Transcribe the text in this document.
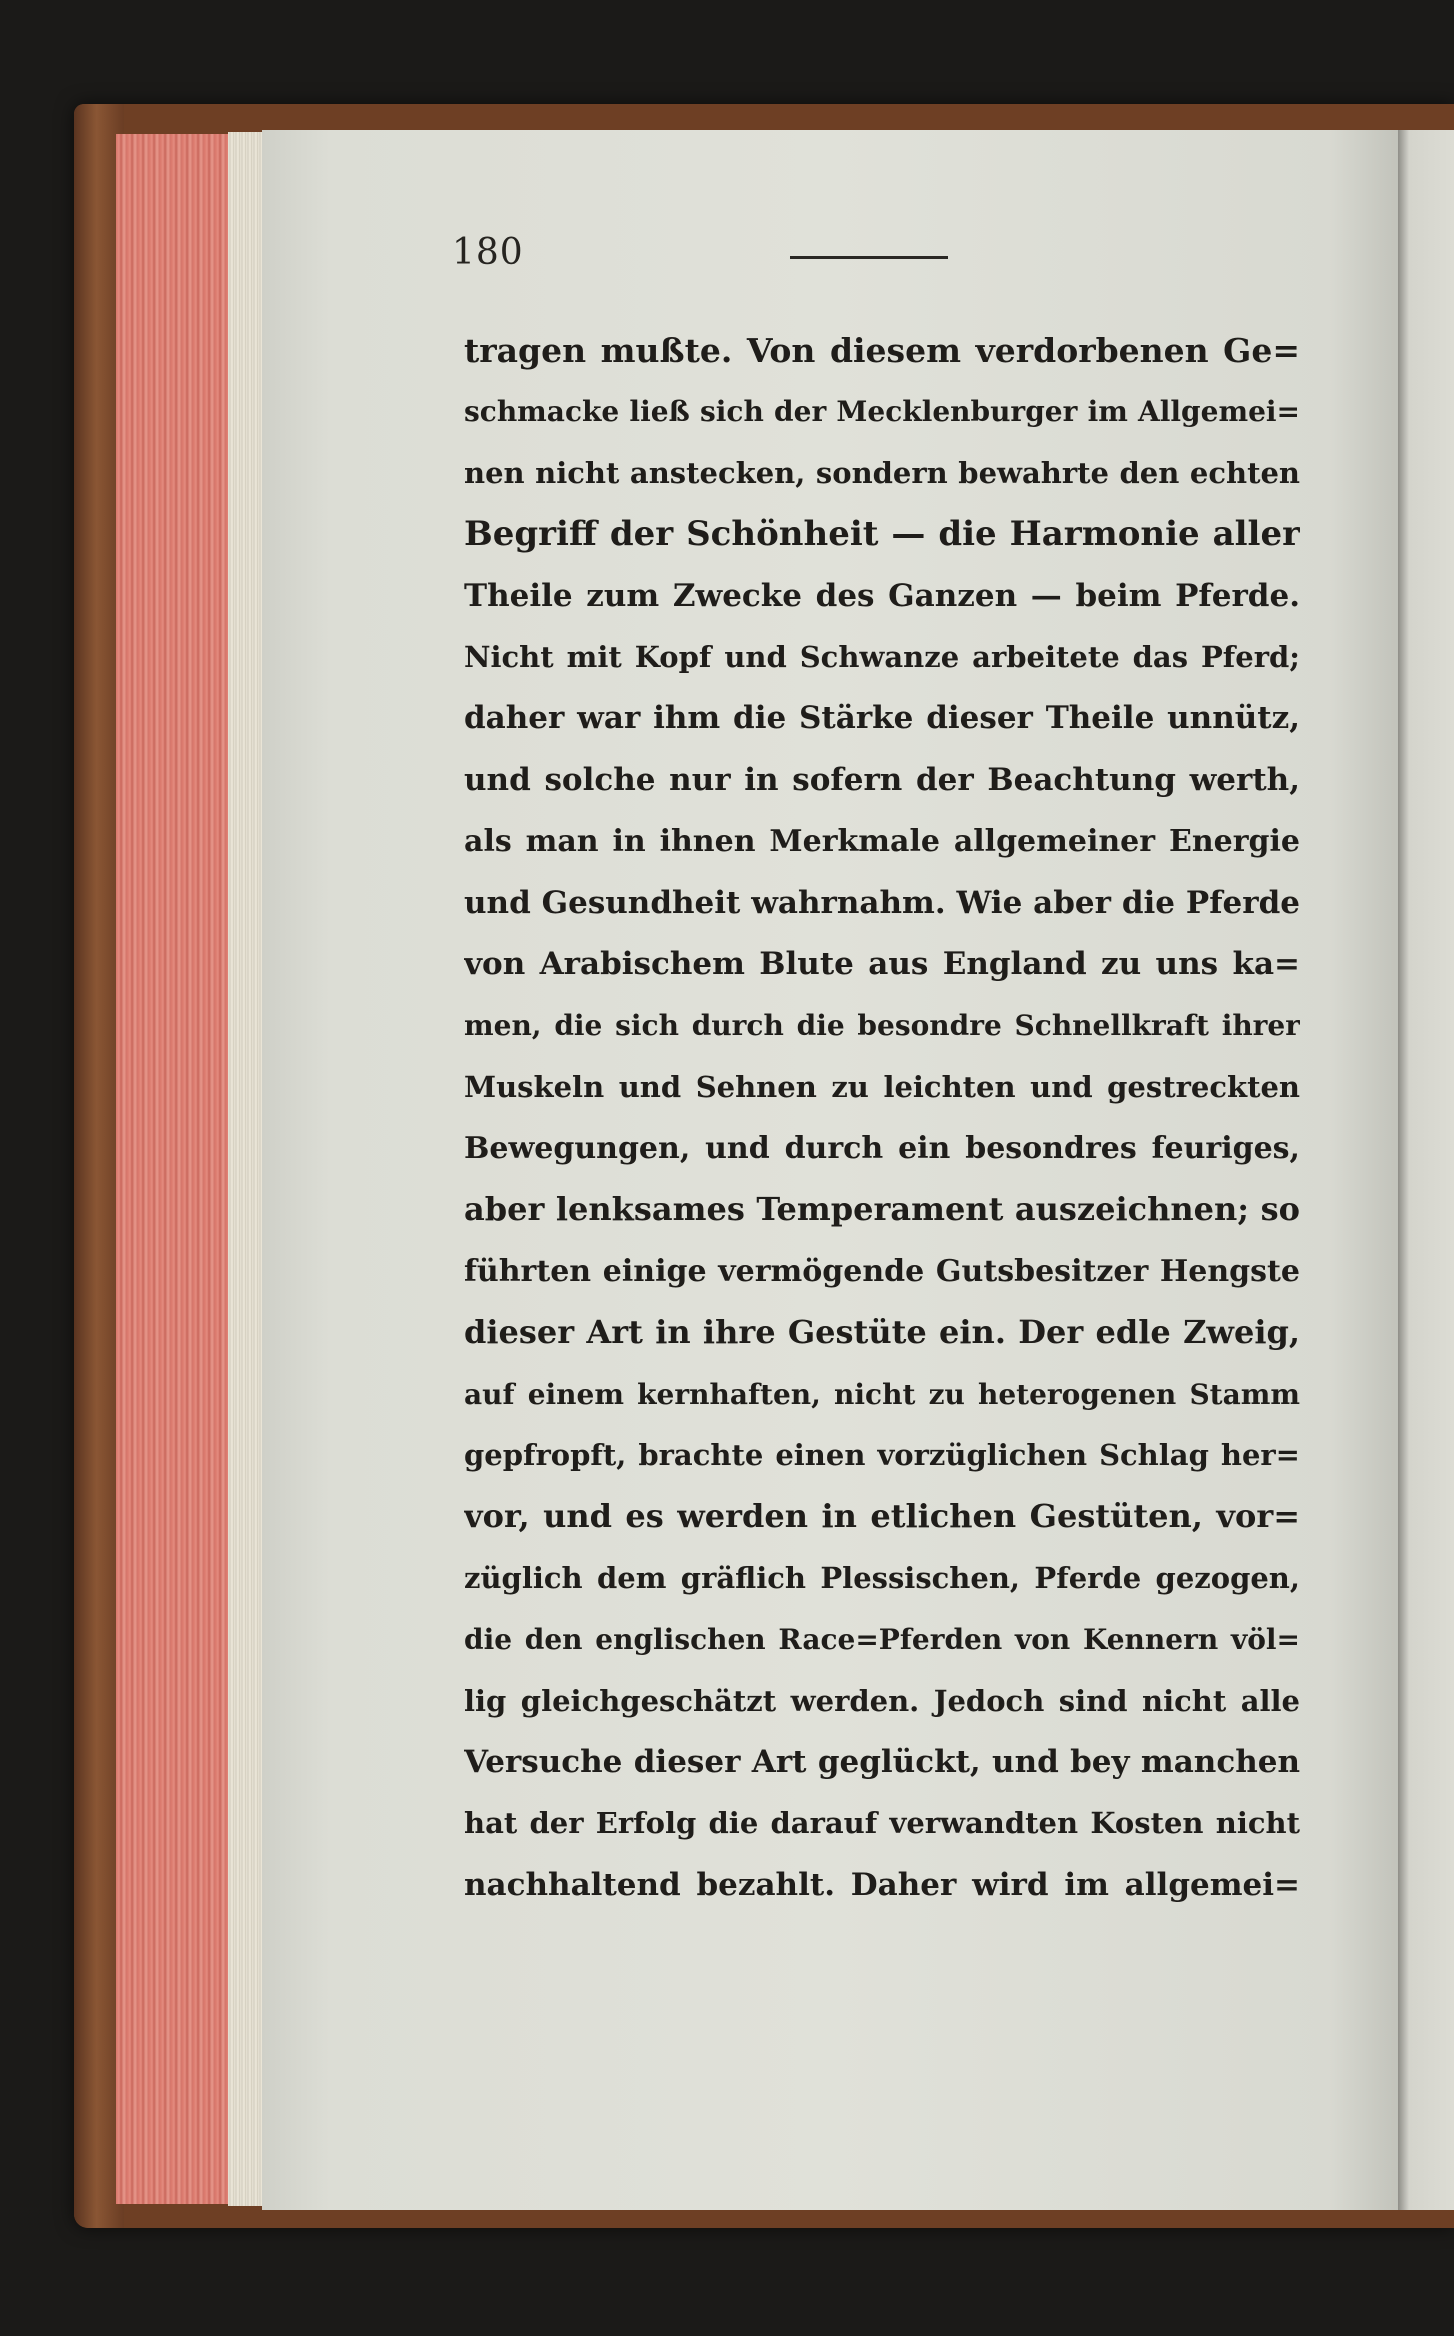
180
tragen mußte. Von diesem verdorbenen Ge=
schmacke ließ sich der Mecklenburger im Allgemei=
nen nicht anstecken, sondern bewahrte den echten
Begriff der Schönheit — die Harmonie aller
Theile zum Zwecke des Ganzen — beim Pferde.
Nicht mit Kopf und Schwanze arbeitete das Pferd;
daher war ihm die Stärke dieser Theile unnütz,
und solche nur in sofern der Beachtung werth,
als man in ihnen Merkmale allgemeiner Energie
und Gesundheit wahrnahm. Wie aber die Pferde
von Arabischem Blute aus England zu uns ka=
men, die sich durch die besondre Schnellkraft ihrer
Muskeln und Sehnen zu leichten und gestreckten
Bewegungen, und durch ein besondres feuriges,
aber lenksames Temperament auszeichnen; so
führten einige vermögende Gutsbesitzer Hengste
dieser Art in ihre Gestüte ein. Der edle Zweig,
auf einem kernhaften, nicht zu heterogenen Stamm
gepfropft, brachte einen vorzüglichen Schlag her=
vor, und es werden in etlichen Gestüten, vor=
züglich dem gräflich Plessischen, Pferde gezogen,
die den englischen Race=Pferden von Kennern völ=
lig gleichgeschätzt werden. Jedoch sind nicht alle
Versuche dieser Art geglückt, und bey manchen
hat der Erfolg die darauf verwandten Kosten nicht
nachhaltend bezahlt. Daher wird im allgemei=
